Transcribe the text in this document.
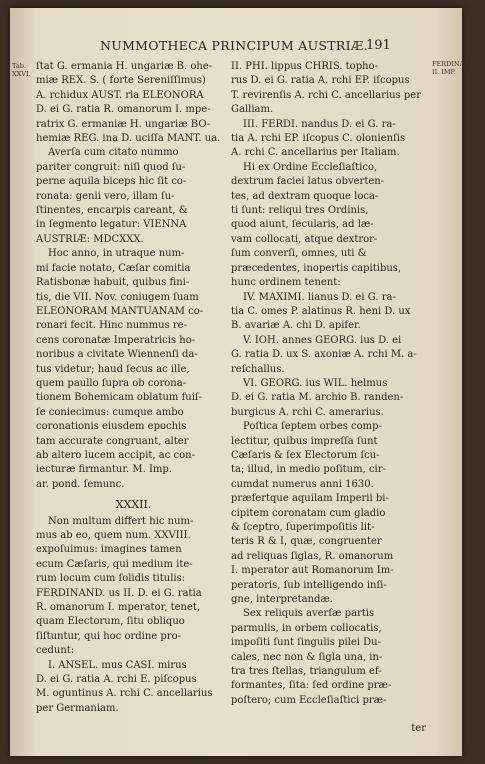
NUMMOTHECA PRINCIPUM AUSTRIÆ.
191
Tab. XXVI.
FERDINANDUS II. IMP.
ſtat G. ermania H. ungariæ B. ohe-
miæ REX. S. ( forte Sereniſſimus)
A. rchidux AUST. ria ELEONORA
D. ei G. ratia R. omanorum I. mpe-
ratrix G. ermaniæ H. ungariæ BO-
hemiæ REG. ina D. uciſſa MANT. ua.
Averſa cum citato nummo
pariter congruit: niſi quod ſu-
perne aquila biceps hic ſit co-
ronata: genii vero, illam ſu-
ſtinentes, encarpis careant, &
in ſegmento legatur: VIENNA
AUSTRIÆ: MDCXXX.
Hoc anno, in utraque num-
mi facie notato, Cæſar comitia
Ratisbonæ habuit, quibus fini-
tis, die VII. Nov. coniugem ſuam
ELEONORAM MANTUANAM co-
ronari fecit. Hinc nummus re-
cens coronatæ Imperatricis ho-
noribus a civitate Wiennenſi da-
tus videtur; haud ſecus ac ille,
quem paullo ſupra ob corona-
tionem Bohemicam oblatum fuiſ-
ſe coniecimus: cumque ambo
coronationis eiusdem epochis
tam accurate congruant, alter
ab altero lucem accipit, ac con-
iecturæ firmantur. M. Imp.
ar. pond. ſemunc.
XXXII.
Non multum differt hic num-
mus ab eo, quem num. XXVIII.
expoſuimus: imagines tamen
ecum Cæſaris, qui medium ite-
rum locum cum ſolidis titulis:
FERDINAND. us II. D. ei G. ratia
R. omanorum I. mperator, tenet,
quam Electorum, ſitu obliquo
ſiſtuntur, qui hoc ordine pro-
cedunt:
I. ANSEL. mus CASI. mirus
D. ei G. ratia A. rchi E. piſcopus
M. oguntinus A. rchi C. ancellarius
per Germaniam.
II. PHI. lippus CHRIS. topho-
rus D. ei G. ratia A. rchi EP. iſcopus
T. revirenſis A. rchi C. ancellarius per
Galliam.
III. FERDI. nandus D. ei G. ra-
tia A. rchi EP. iſcopus C. olonienſis
A. rchi C. ancellarius per Italiam.
Hi ex Ordine Eccleſiaſtico,
dextrum faciei latus obverten-
tes, ad dextram quoque loca-
ti ſunt: reliqui tres Ordinis,
quod aiunt, ſecularis, ad læ-
vam collocati, atque dextror-
ſum converſi, omnes, uti &
præcedentes, inopertis capitibus,
hunc ordinem tenent:
IV. MAXIMI. lianus D. ei G. ra-
tia C. omes P. alatinus R. heni D. ux
B. avariæ A. chi D. apifer.
V. IOH. annes GEORG. ius D. ei
G. ratia D. ux S. axoniæ A. rchi M. a-
reſchallus.
VI. GEORG. ius WIL. helmus
D. ei G. ratia M. archio B. randen-
burgicus A. rchi C. amerarius.
Poſtica ſeptem orbes comp-
lectitur, quibus impreſſa ſunt
Cæſaris & ſex Electorum ſcu-
ta; illud, in medio poſitum, cir-
cumdat numerus anni 1630.
præfertque aquilam Imperii bi-
cipitem coronatam cum gladio
& ſceptro, ſuperimpoſitis lit-
teris R & I, quæ, congruenter
ad reliquas ſiglas, R. omanorum
I. mperator aut Romanorum Im-
peratoris, ſub intelligendo inſi-
gne, interpretandæ.
Sex reliquis averſæ partis
parmulis, in orbem collocatis,
impoſiti ſunt ſingulis pilei Du-
cales, nec non & ſigla una, in-
tra tres ſtellas, triangulum ef-
formantes, ſita: ſed ordine præ-
poſtero; cum Eccleſiaſtici præ-
ter
